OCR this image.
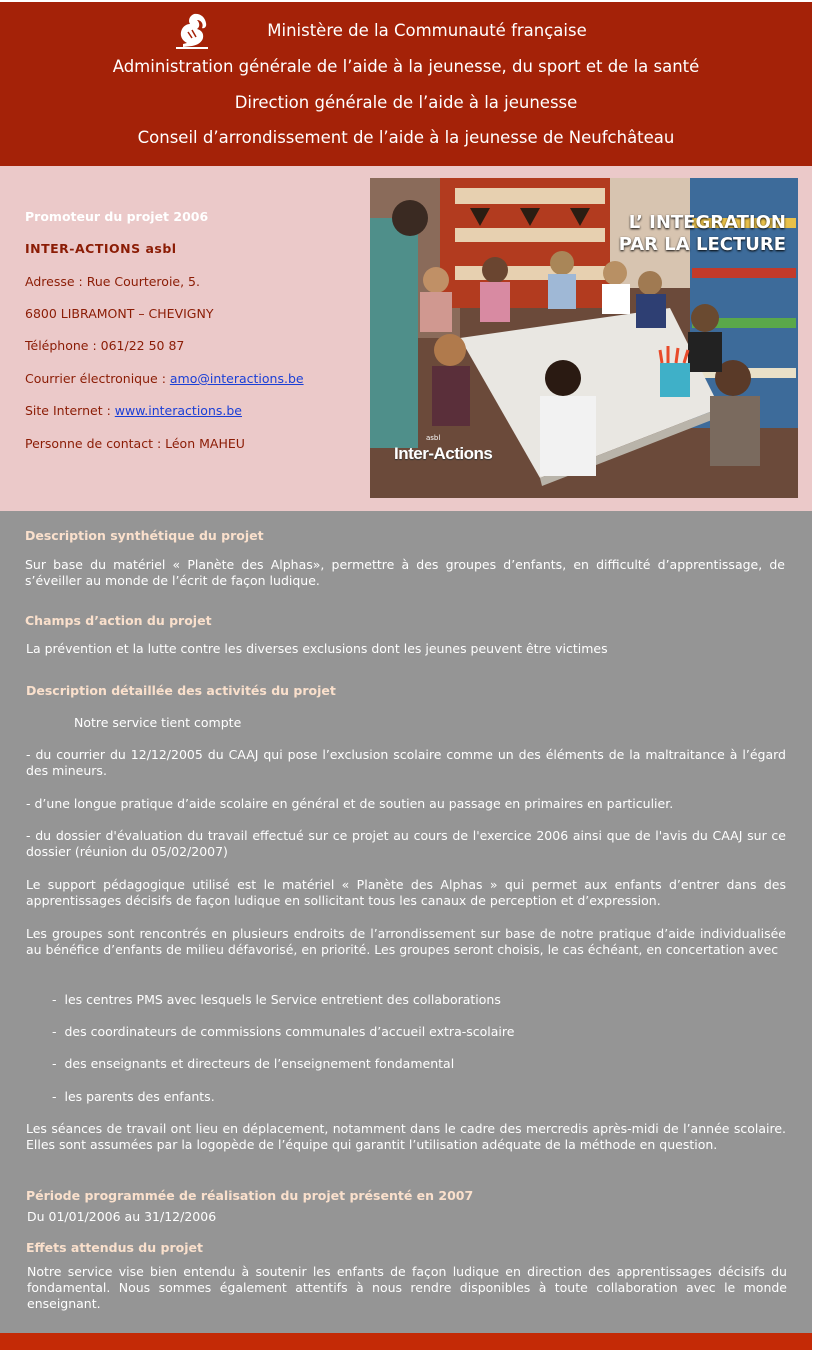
Ministère de la Communauté française
Administration générale de l’aide à la jeunesse, du sport et de la santé
Direction générale de l’aide à la jeunesse
Conseil d’arrondissement de l’aide à la jeunesse de Neufchâteau
Promoteur du projet 2006
INTER-ACTIONS asbl
Adresse : Rue Courteroie, 5.
6800 LIBRAMONT – CHEVIGNY
Téléphone : 061/22 50 87
Courrier électronique : amo@interactions.be
Site Internet : www.interactions.be
Personne de contact : Léon MAHEU
L’ INTEGRATION
PAR LA LECTURE
asbl
Inter-Actions
Description synthétique du projet
Sur base du matériel « Planète des Alphas», permettre à des groupes d’enfants, en difficulté d’apprentissage, de s’éveiller au monde de l’écrit de façon ludique.
Champs d’action du projet
La prévention et la lutte contre les diverses exclusions dont les jeunes peuvent être victimes
Description détaillée des activités du projet
Notre service tient compte
- du courrier du 12/12/2005 du CAAJ qui pose l’exclusion scolaire comme un des éléments de la maltraitance à l’égard des mineurs.
- d’une longue pratique d’aide scolaire en général et de soutien au passage en primaires en particulier.
- du dossier d'évaluation du travail effectué sur ce projet au cours de l'exercice 2006 ainsi que de l'avis du CAAJ sur ce dossier (réunion du 05/02/2007)
Le support pédagogique utilisé est le matériel « Planète des Alphas » qui permet aux enfants d’entrer dans des apprentissages décisifs de façon ludique en sollicitant tous les canaux de perception et d’expression.
Les groupes sont rencontrés en plusieurs endroits de l’arrondissement sur base de notre pratique d’aide individualisée au bénéfice d’enfants de milieu défavorisé, en priorité. Les groupes seront choisis, le cas échéant, en concertation avec
- les centres PMS avec lesquels le Service entretient des collaborations
- des coordinateurs de commissions communales d’accueil extra-scolaire
- des enseignants et directeurs de l’enseignement fondamental
- les parents des enfants.
Les séances de travail ont lieu en déplacement, notamment dans le cadre des mercredis après-midi de l’année scolaire. Elles sont assumées par la logopède de l’équipe qui garantit l’utilisation adéquate de la méthode en question.
Période programmée de réalisation du projet présenté en 2007
Du 01/01/2006 au 31/12/2006
Effets attendus du projet
Notre service vise bien entendu à soutenir les enfants de façon ludique en direction des apprentissages décisifs du fondamental. Nous sommes également attentifs à nous rendre disponibles à toute collaboration avec le monde enseignant.
